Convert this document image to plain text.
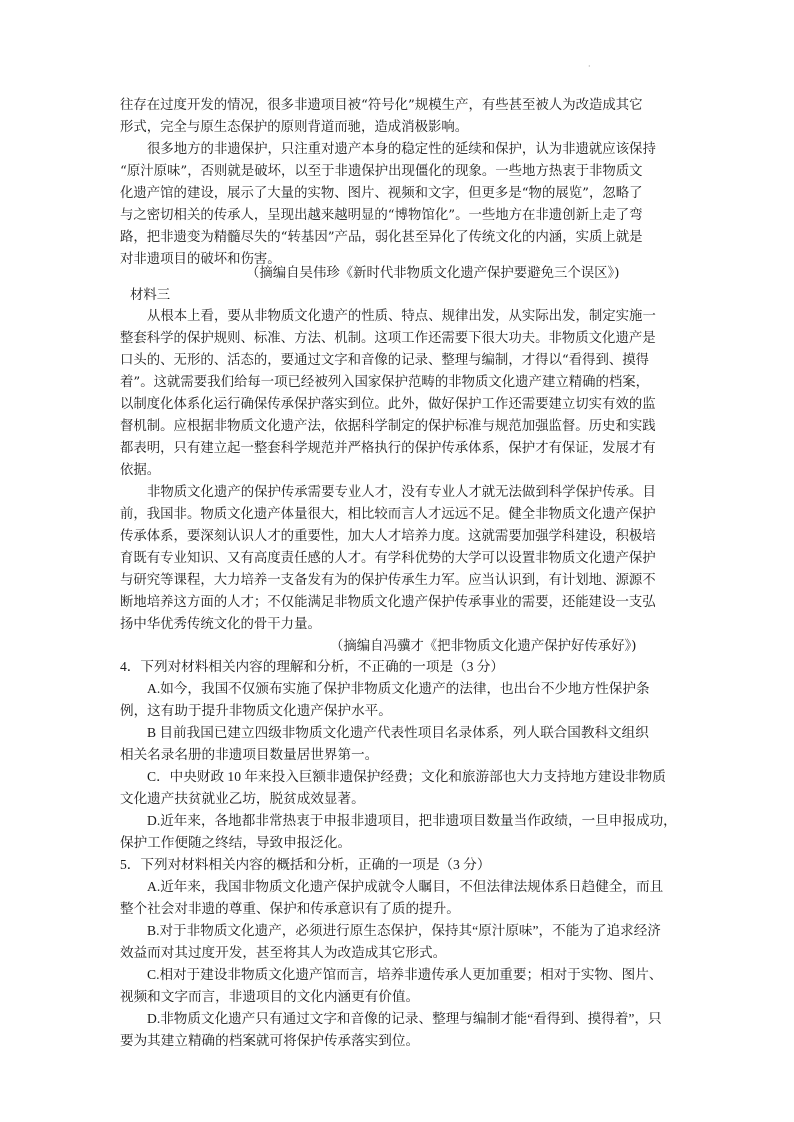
·
往存在过度开发的情况，很多非遗项目被“符号化”规模生产，有些甚至被人为改造成其它
形式，完全与原生态保护的原则背道而驰，造成消极影响。
很多地方的非遗保护，只注重对遗产本身的稳定性的延续和保护，认为非遗就应该保持
“原汁原味”，否则就是破坏，以至于非遗保护出现僵化的现象。一些地方热衷于非物质文
化遗产馆的建设，展示了大量的实物、图片、视频和文字，但更多是“物的展览”，忽略了
与之密切相关的传承人，呈现出越来越明显的“博物馆化”。一些地方在非遗创新上走了弯
路，把非遗变为精髓尽失的“转基因”产品，弱化甚至异化了传统文化的内涵，实质上就是
对非遗项目的破坏和伤害。
（摘编自吴伟珍《新时代非物质文化遗产保护要避免三个误区》)
材料三
从根本上看，要从非物质文化遗产的性质、特点、规律出发，从实际出发，制定实施一
整套科学的保护规则、标准、方法、机制。这项工作还需要下很大功夫。非物质文化遗产是
口头的、无形的、活态的，要通过文字和音像的记录、整理与编制，才得以“看得到、摸得
着”。这就需要我们给每一项已经被列入国家保护范畴的非物质文化遗产建立精确的档案，
以制度化体系化运行确保传承保护落实到位。此外，做好保护工作还需要建立切实有效的监
督机制。应根据非物质文化遗产法，依据科学制定的保护标准与规范加强监督。历史和实践
都表明，只有建立起一整套科学规范并严格执行的保护传承体系，保护才有保证，发展才有
依据。
非物质文化遗产的保护传承需要专业人才，没有专业人才就无法做到科学保护传承。目
前，我国非。物质文化遗产体量很大，相比较而言人才远远不足。健全非物质文化遗产保护
传承体系，要深刻认识人才的重要性，加大人才培养力度。这就需要加强学科建设，积极培
育既有专业知识、又有高度责任感的人才。有学科优势的大学可以设置非物质文化遗产保护
与研究等课程，大力培养一支备发有为的保护传承生力军。应当认识到，有计划地、源源不
断地培养这方面的人才；不仅能满足非物质文化遗产保护传承事业的需要，还能建设一支弘
扬中华优秀传统文化的骨干力量。
（摘编自冯骥才《把非物质文化遗产保护好传承好》)
4．下列对材料相关内容的理解和分析，不正确的一项是（3 分）
A.如今，我国不仅颁布实施了保护非物质文化遗产的法律，也出台不少地方性保护条
例，这有助于提升非物质文化遗产保护水平。
B 目前我国已建立四级非物质文化遗产代表性项目名录体系，列人联合国教科文组织
相关名录名册的非遗项目数量居世界第一。
C．中央财政 10 年来投入巨额非遗保护经费；文化和旅游部也大力支持地方建设非物质
文化遗产扶贫就业乙坊，脱贫成效显著。
D.近年来，各地都非常热衷于申报非遗项目，把非遗项目数量当作政绩，一旦申报成功，
保护工作便随之终结，导致申报泛化。
5．下列对材料相关内容的概括和分析，正确的一项是（3 分）
A.近年来，我国非物质文化遗产保护成就令人瞩目，不但法律法规体系日趋健全，而且
整个社会对非遗的尊重、保护和传承意识有了质的提升。
B.对于非物质文化遗产，必须进行原生态保护，保持其“原汁原味”，不能为了追求经济
效益而对其过度开发，甚至将其人为改造成其它形式。
C.相对于建设非物质文化遗产馆而言，培养非遗传承人更加重要；相对于实物、图片、
视频和文字而言，非遗项目的文化内涵更有价值。
D.非物质文化遗产只有通过文字和音像的记录、整理与编制才能“看得到、摸得着”，只
要为其建立精确的档案就可将保护传承落实到位。
